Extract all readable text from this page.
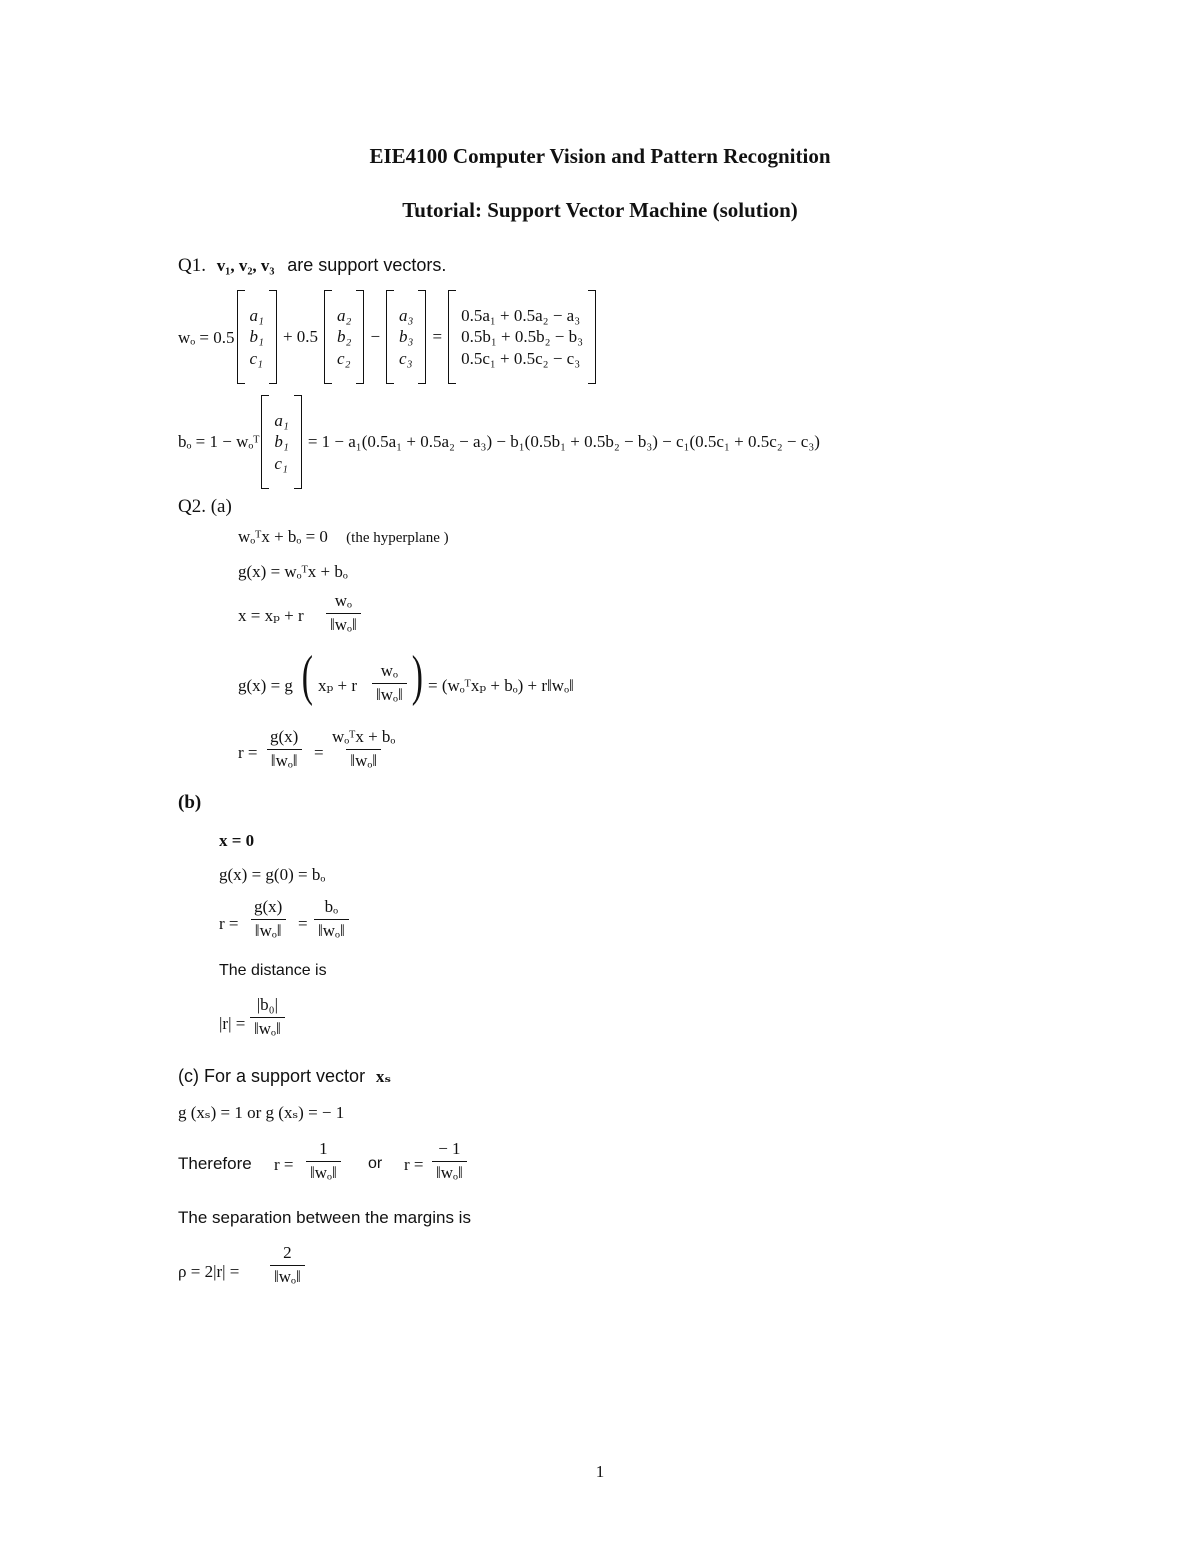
EIE4100 Computer Vision and Pattern Recognition
Tutorial: Support Vector Machine (solution)
Q1. v₁, v₂, v₃ are support vectors.
wₒ = 0.5
a₁
b₁
c₁
+ 0.5
a₂
b₂
c₂
−
a₃
b₃
c₃
=
0.5a₁ + 0.5a₂ − a₃
0.5b₁ + 0.5b₂ − b₃
0.5c₁ + 0.5c₂ − c₃
bₒ = 1 − wₒᵀ
a₁
b₁
c₁
= 1 − a₁(0.5a₁ + 0.5a₂ − a₃) − b₁(0.5b₁ + 0.5b₂ − b₃) − c₁(0.5c₁ + 0.5c₂ − c₃)
Q2. (a)
wₒᵀx + bₒ = 0 (the hyperplane )
g(x) = wₒᵀx + bₒ
x = xₚ + r $\frac{\text{wₒ}}{\text{‖wₒ‖}}$
g(x) = g ( xₚ + r $\frac{\text{wₒ}}{\text{‖wₒ‖}}$ ) = (wₒᵀxₚ + bₒ) + r‖wₒ‖
$r = \frac{g(x)}{\text{‖wₒ‖}}$ =
wₒᵀx + bₒ
‖wₒ‖
(b)
x = 0
g(x) = g(0) = bₒ
$r = \frac{g(x)}{\text{‖wₒ‖}} = \frac{\text{bₒ}}{\text{‖wₒ‖}}$
The distance is
$|r| = \frac{\text{|b₀|}}{\text{‖wₒ‖}}$
(c) For a support vector xₛ
g (xₛ) = 1 or g (xₛ) = − 1
Therefore $r = \frac{1}{\text{‖wₒ‖}}$ or $r = \frac{- 1}{\text{‖wₒ‖}}$
The separation between the margins is
$\rho = 2|r| = \frac{2}{\text{‖wₒ‖}}$
1
